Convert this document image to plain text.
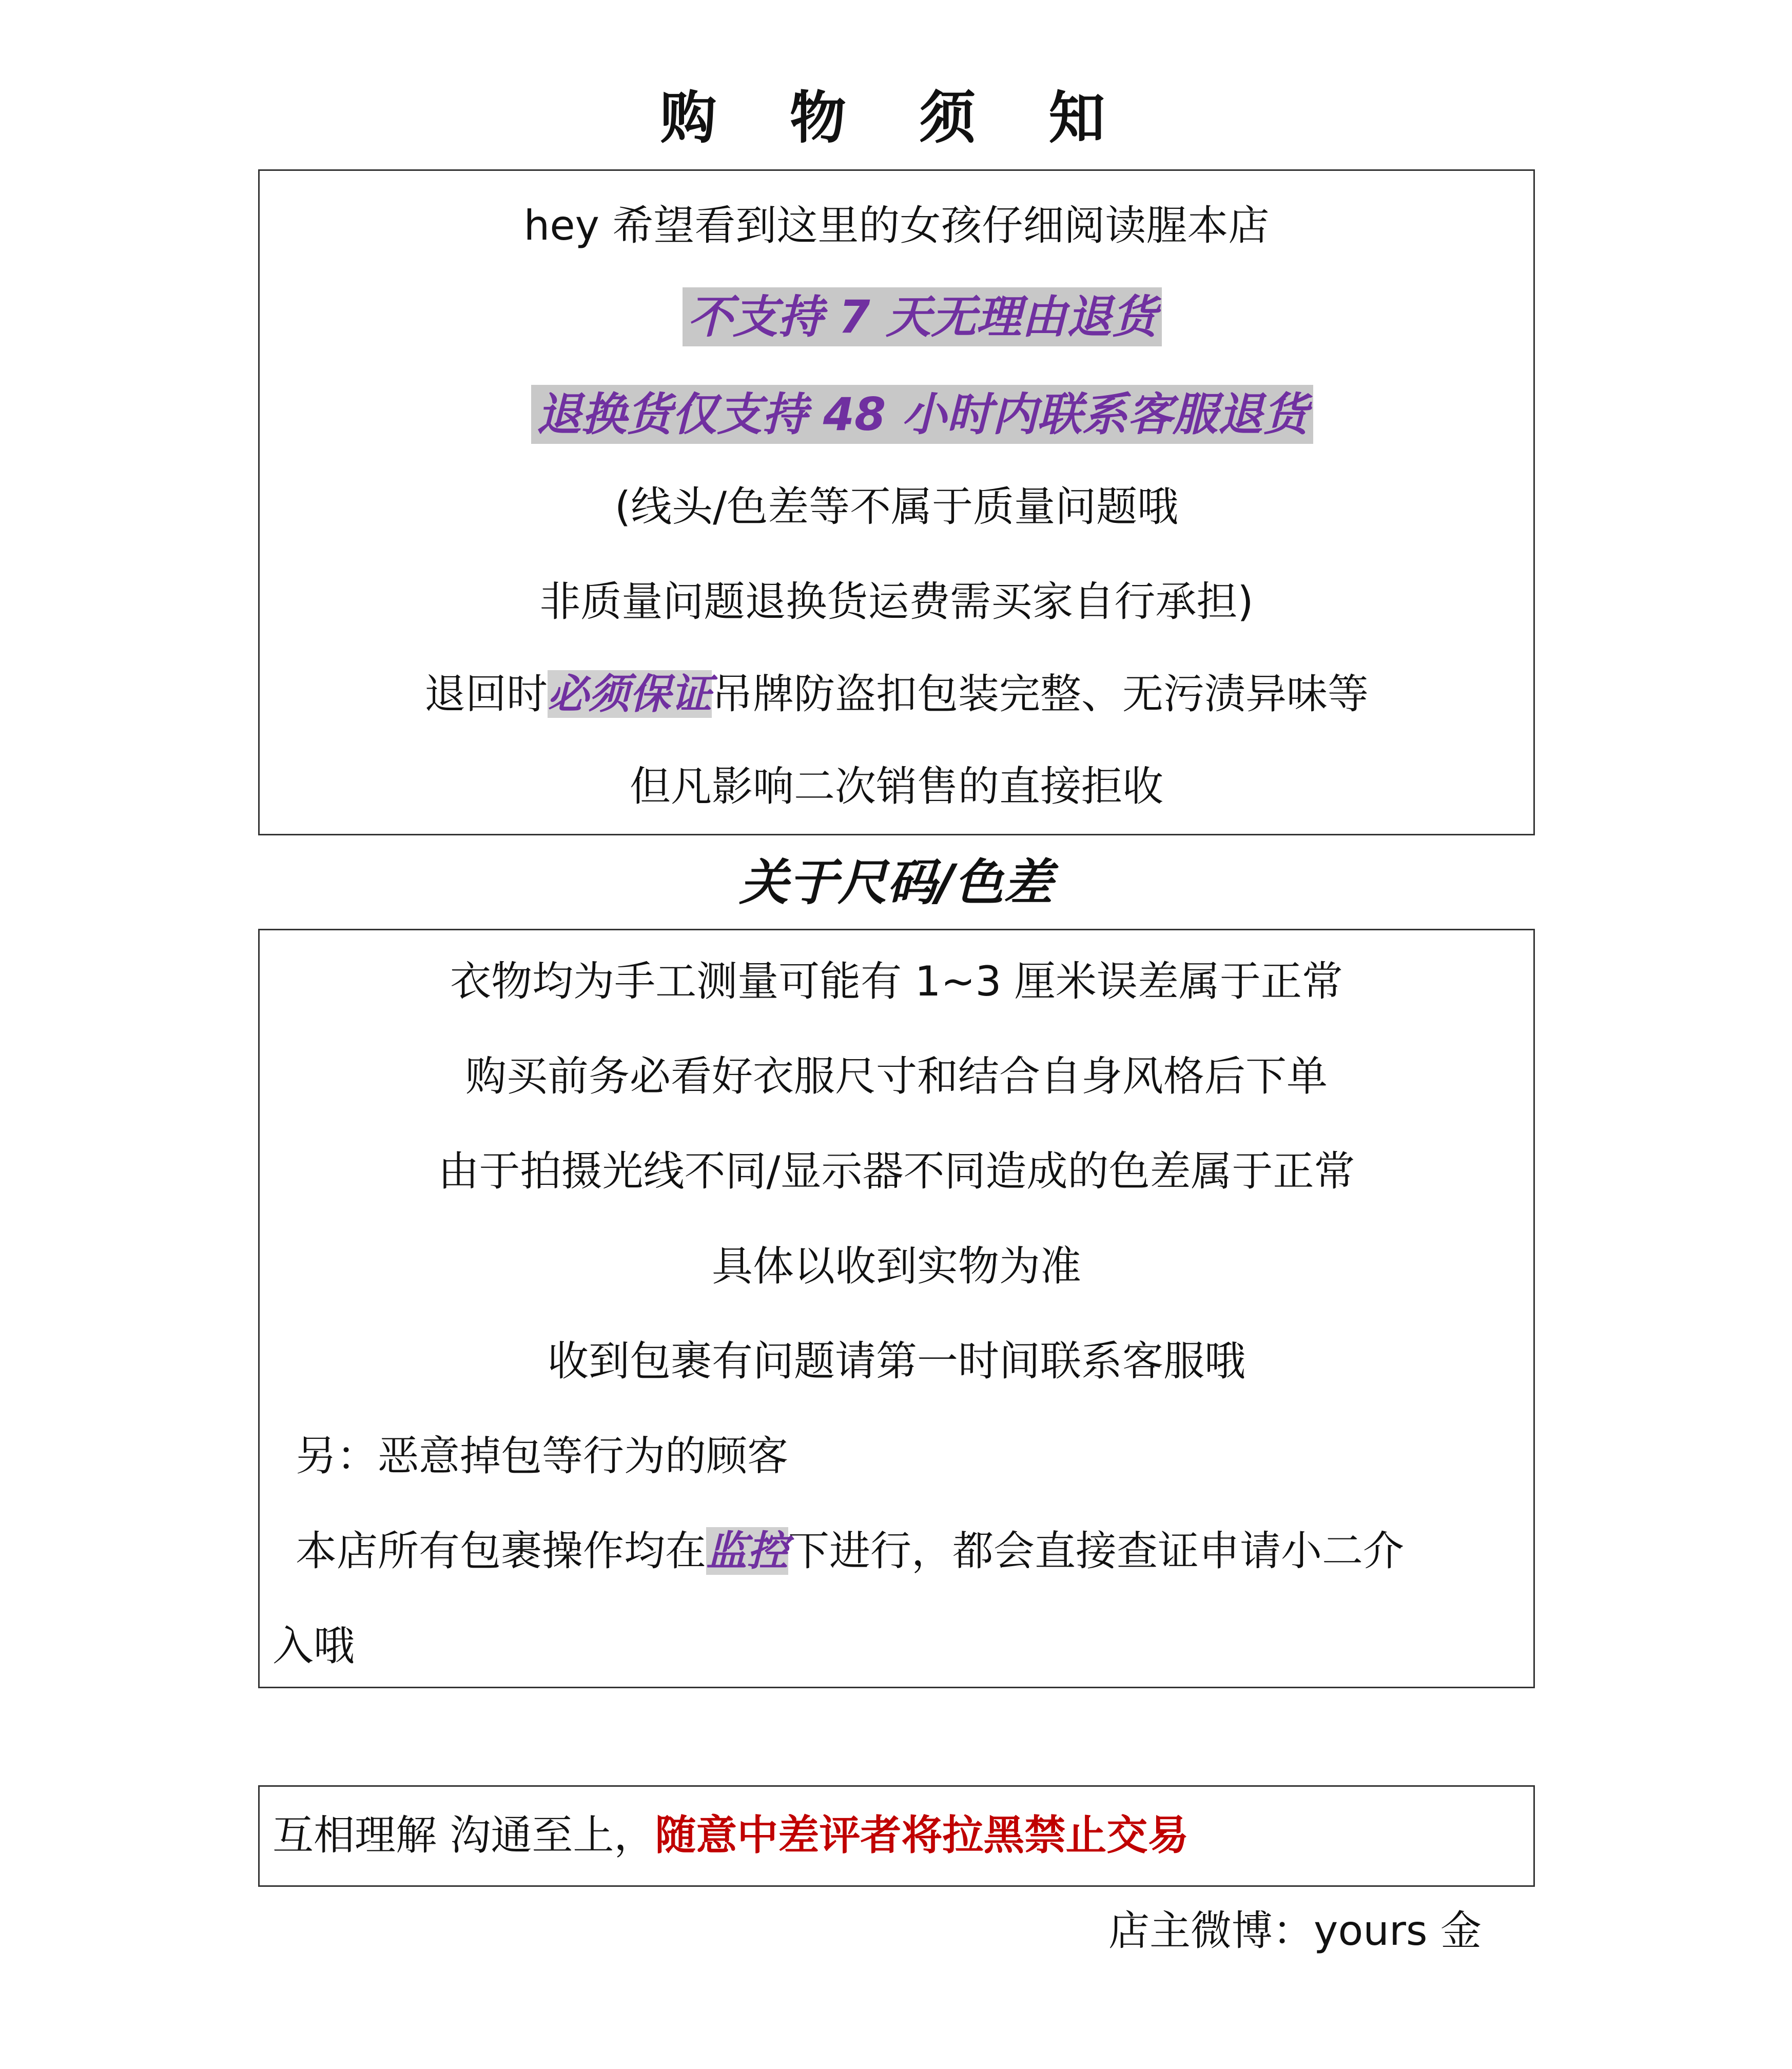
购 物 须 知
hey 希望看到这里的女孩仔细阅读腥本店
不支持 7 天无理由退货
退换货仅支持 48 小时内联系客服退货
(线头/色差等不属于质量问题哦
非质量问题退换货运费需买家自行承担)
退回时必须保证吊牌防盗扣包装完整、无污渍异味等
但凡影响二次销售的直接拒收
关于尺码/色差
衣物均为手工测量可能有 1~3 厘米误差属于正常
购买前务必看好衣服尺寸和结合自身风格后下单
由于拍摄光线不同/显示器不同造成的色差属于正常
具体以收到实物为准
收到包裹有问题请第一时间联系客服哦
另：恶意掉包等行为的顾客
本店所有包裹操作均在监控下进行，都会直接查证申请小二介
入哦
互相理解 沟通至上，随意中差评者将拉黑禁止交易
店主微博：yours 金
